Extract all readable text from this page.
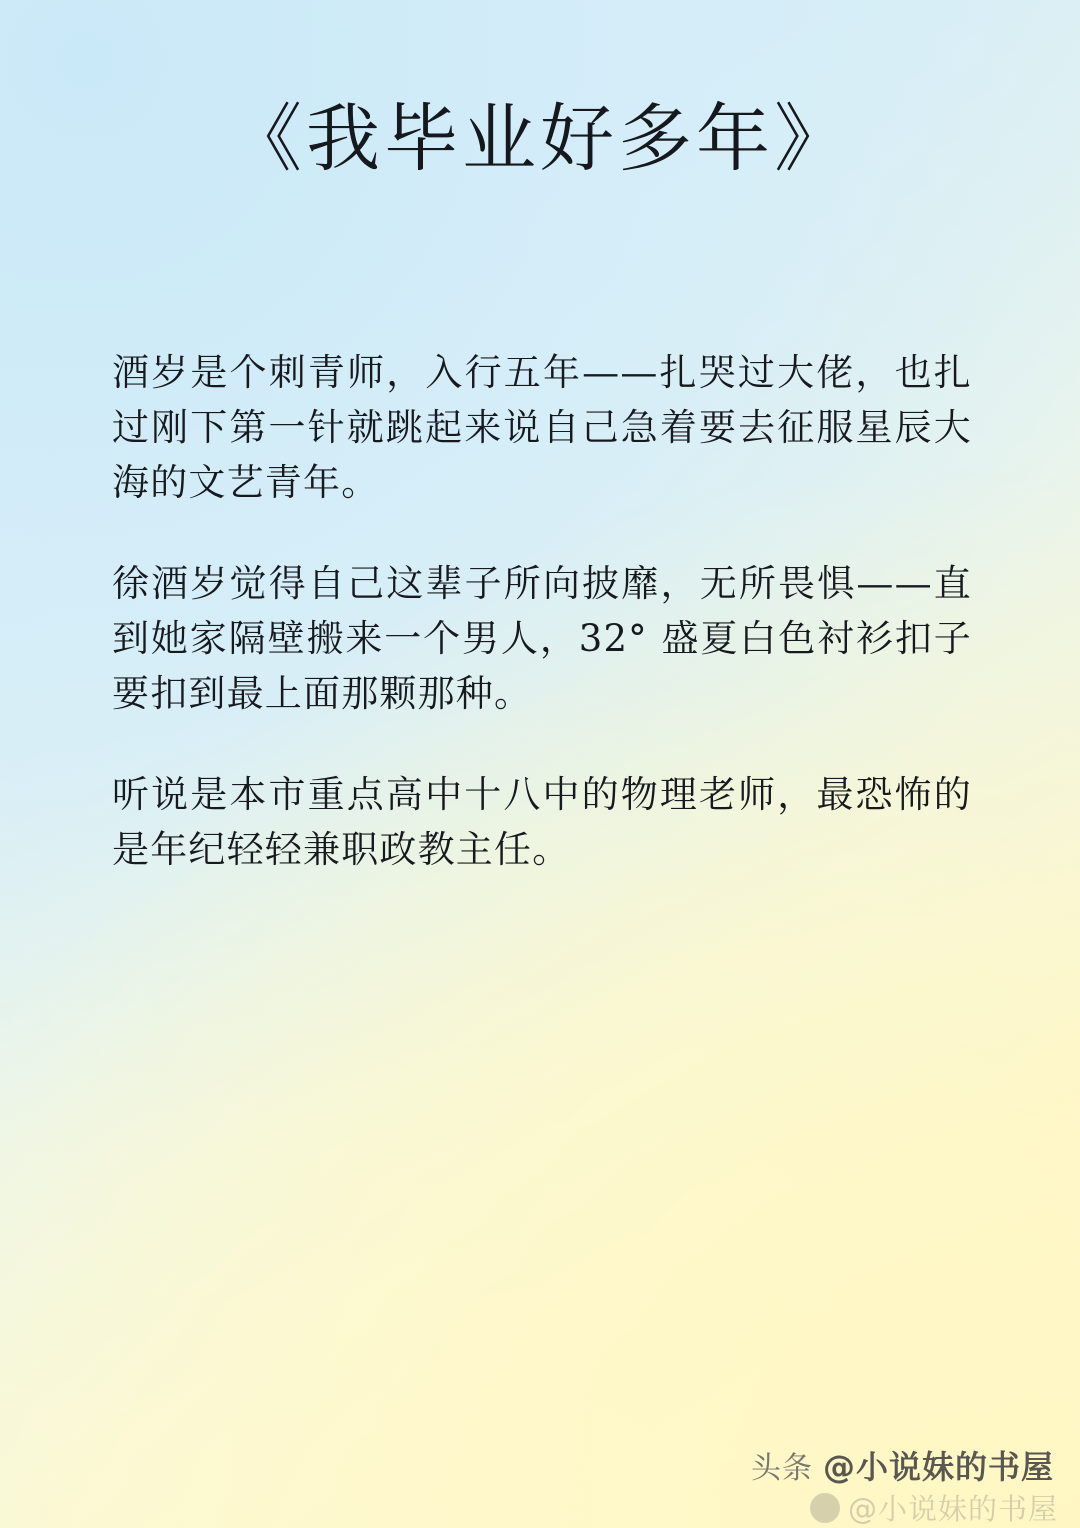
《我毕业好多年》

酒岁是个刺青师，入行五年——扎哭过大佬，也扎过刚下第一针就跳起来说自己急着要去征服星辰大海的文艺青年。

徐酒岁觉得自己这辈子所向披靡，无所畏惧——直到她家隔壁搬来一个男人，32° 盛夏白色衬衫扣子要扣到最上面那颗那种。

听说是本市重点高中十八中的物理老师，最恐怖的是年纪轻轻兼职政教主任。

头条 @小说妹的书屋
@小说妹的书屋
